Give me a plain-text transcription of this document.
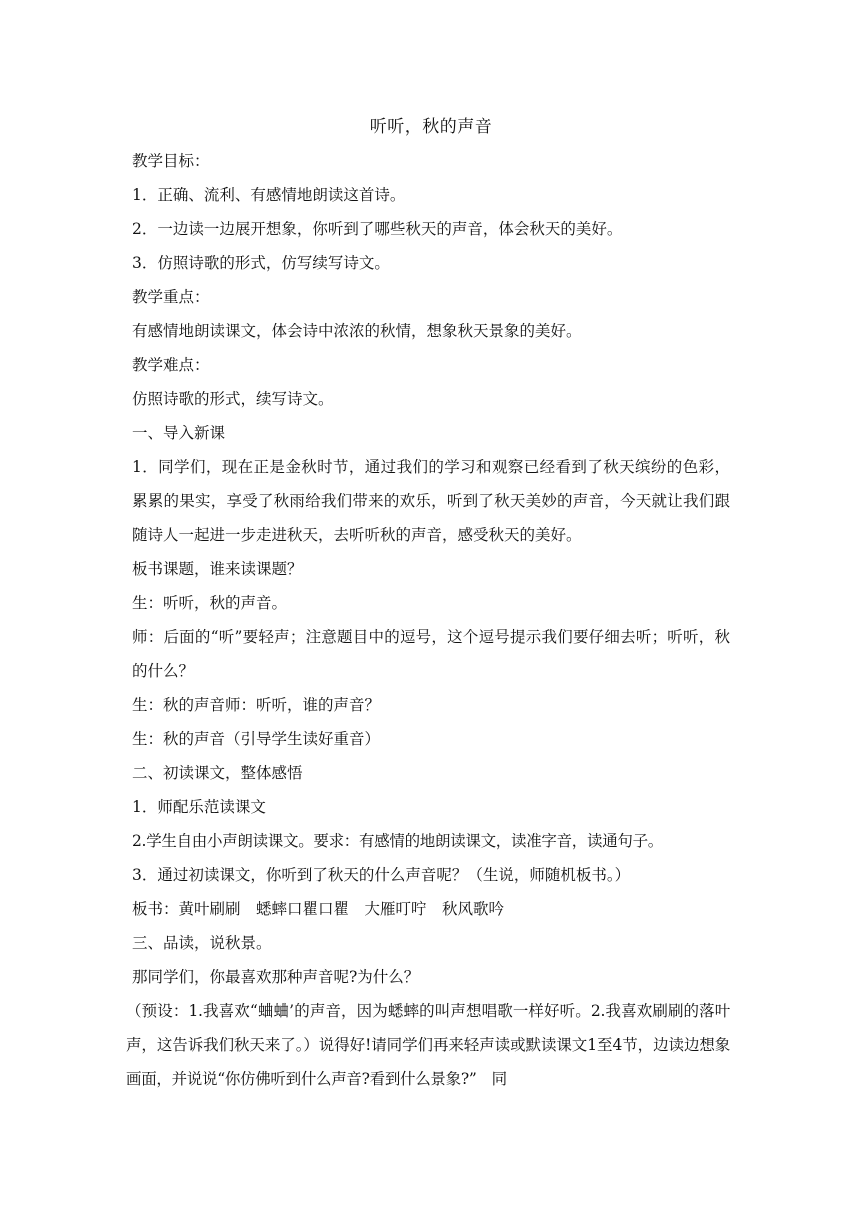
听听，秋的声音

教学目标：

1．正确、流利、有感情地朗读这首诗。

2．一边读一边展开想象，你听到了哪些秋天的声音，体会秋天的美好。

3．仿照诗歌的形式，仿写续写诗文。

教学重点：

有感情地朗读课文，体会诗中浓浓的秋情，想象秋天景象的美好。

教学难点：

仿照诗歌的形式，续写诗文。

一、导入新课

1．同学们，现在正是金秋时节，通过我们的学习和观察已经看到了秋天缤纷的色彩，累累的果实，享受了秋雨给我们带来的欢乐，听到了秋天美妙的声音，今天就让我们跟随诗人一起进一步走进秋天，去听听秋的声音，感受秋天的美好。

板书课题，谁来读课题？

生：听听，秋的声音。

师：后面的“听”要轻声；注意题目中的逗号，这个逗号提示我们要仔细去听；听听，秋的什么？

生：秋的声音师：听听，谁的声音？

生：秋的声音（引导学生读好重音）

二、初读课文，整体感悟

1．师配乐范读课文

2.学生自由小声朗读课文。要求：有感情的地朗读课文，读准字音，读通句子。

3．通过初读课文，你听到了秋天的什么声音呢？（生说，师随机板书。）

板书：黄叶刷刷　蟋蟀口瞿口瞿　大雁叮咛　秋风歌吟

三、品读，说秋景。

那同学们，你最喜欢那种声音呢?为什么？

（预设：1.我喜欢“蛐蛐’的声音，因为蟋蟀的叫声想唱歌一样好听。2.我喜欢刷刷的落叶声，这告诉我们秋天来了。）说得好!请同学们再来轻声读或默读课文1至4节，边读边想象画面，并说说“你仿佛听到什么声音?看到什么景象?”　同
